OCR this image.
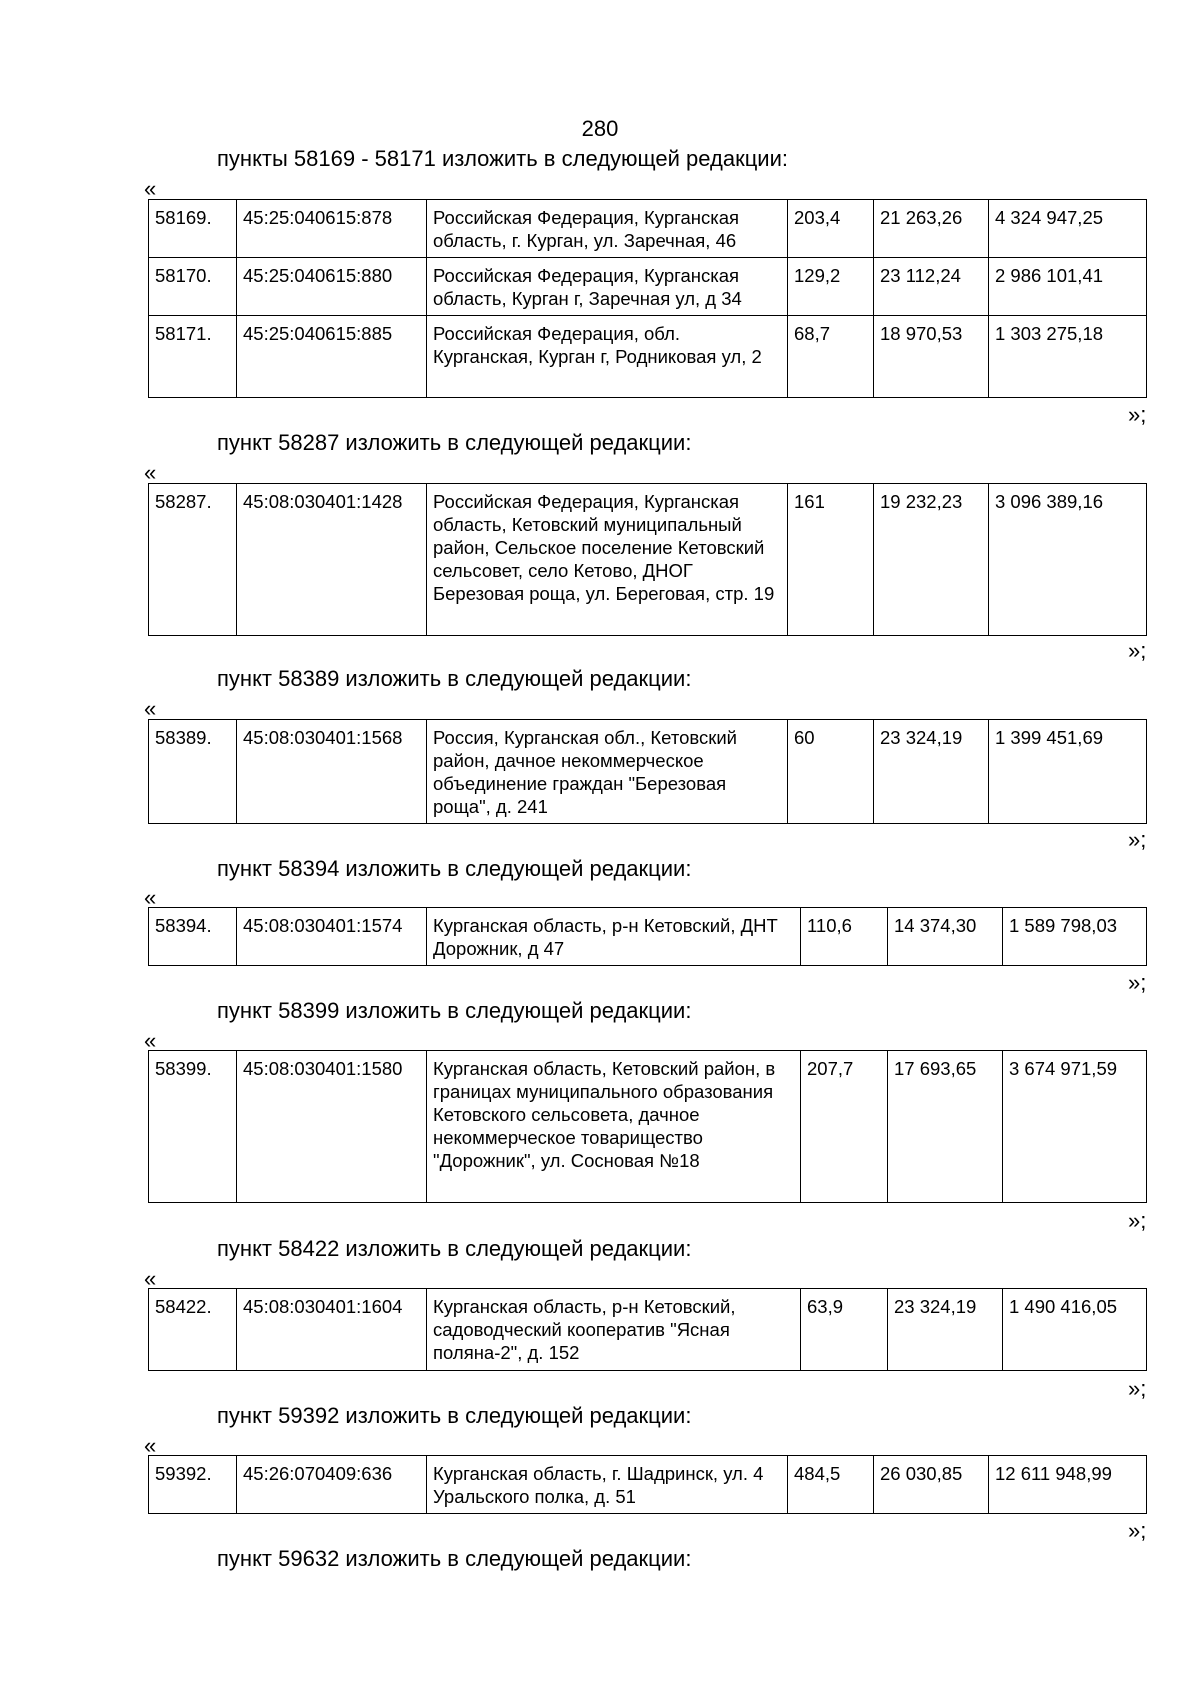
280
пункты 58169 - 58171 изложить в следующей редакции:
«
58169.	45:25:040615:878	Российская Федерация, Курганская область, г. Курган, ул. Заречная, 46	203,4	21 263,26	4 324 947,25
58170.	45:25:040615:880	Российская Федерация, Курганская область, Курган г, Заречная ул, д 34	129,2	23 112,24	2 986 101,41
58171.	45:25:040615:885	Российская Федерация, обл. Курганская, Курган г, Родниковая ул, 2	68,7	18 970,53	1 303 275,18
»;
пункт 58287 изложить в следующей редакции:
«
58287.	45:08:030401:1428	Российская Федерация, Курганская область, Кетовский муниципальный район, Сельское поселение Кетовский сельсовет, село Кетово, ДНОГ Березовая роща, ул. Береговая, стр. 19	161	19 232,23	3 096 389,16
»;
пункт 58389 изложить в следующей редакции:
«
58389.	45:08:030401:1568	Россия, Курганская обл., Кетовский район, дачное некоммерческое объединение граждан "Березовая роща", д. 241	60	23 324,19	1 399 451,69
»;
пункт 58394 изложить в следующей редакции:
«
58394.	45:08:030401:1574	Курганская область, р-н Кетовский, ДНТ Дорожник, д 47	110,6	14 374,30	1 589 798,03
»;
пункт 58399 изложить в следующей редакции:
«
58399.	45:08:030401:1580	Курганская область, Кетовский район, в границах муниципального образования Кетовского сельсовета, дачное некоммерческое товарищество "Дорожник", ул. Сосновая №18	207,7	17 693,65	3 674 971,59
»;
пункт 58422 изложить в следующей редакции:
«
58422.	45:08:030401:1604	Курганская область, р-н Кетовский, садоводческий кооператив "Ясная поляна-2", д. 152	63,9	23 324,19	1 490 416,05
»;
пункт 59392 изложить в следующей редакции:
«
59392.	45:26:070409:636	Курганская область, г. Шадринск, ул. 4 Уральского полка, д. 51	484,5	26 030,85	12 611 948,99
»;
пункт 59632 изложить в следующей редакции:
